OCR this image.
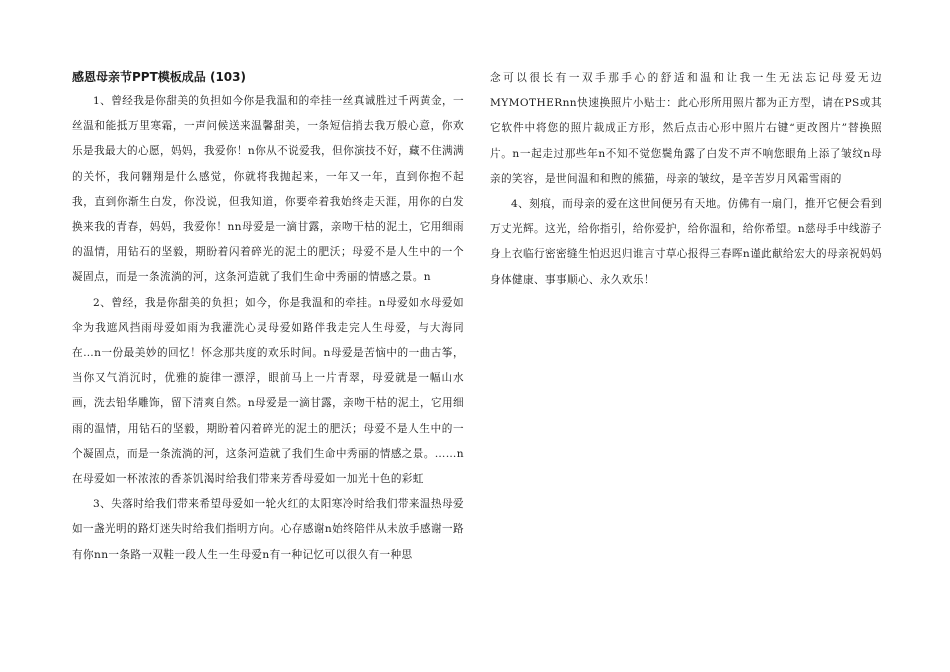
感恩母亲节PPT模板成品 (103)

1、曾经我是你甜美的负担如今你是我温和的牵挂一丝真诚胜过千两黄金，一丝温和能抵万里寒霜，一声问候送来温馨甜美，一条短信捎去我万般心意，你欢乐是我最大的心愿，妈妈，我爱你！n你从不说爱我，但你演技不好，藏不住满满的关怀，我问翱翔是什么感觉，你就将我抛起来，一年又一年，直到你抱不起我，直到你渐生白发，你没说，但我知道，你要牵着我始终走天涯，用你的白发换来我的青春，妈妈，我爱你！nn母爱是一滴甘露，亲吻干枯的泥土，它用细雨的温情，用钻石的坚毅，期盼着闪着碎光的泥土的肥沃；母爱不是人生中的一个凝固点，而是一条流淌的河，这条河造就了我们生命中秀丽的情感之景。n

2、曾经，我是你甜美的负担；如今，你是我温和的牵挂。n母爱如水母爱如伞为我遮风挡雨母爱如雨为我灌洗心灵母爱如路伴我走完人生母爱，与大海同在…n一份最美妙的回忆！怀念那共度的欢乐时间。n母爱是苦恼中的一曲古筝，当你又气消沉时，优雅的旋律一漂浮，眼前马上一片青翠，母爱就是一幅山水画，洗去铅华雕饰，留下清爽自然。n母爱是一滴甘露，亲吻干枯的泥土，它用细雨的温情，用钻石的坚毅，期盼着闪着碎光的泥土的肥沃；母爱不是人生中的一个凝固点，而是一条流淌的河，这条河造就了我们生命中秀丽的情感之景。……n在母爱如一杯浓浓的香茶饥渴时给我们带来芳香母爱如一加光十色的彩虹

3、失落时给我们带来希望母爱如一轮火红的太阳寒冷时给我们带来温热母爱如一盏光明的路灯迷失时给我们指明方向。心存感谢n始终陪伴从未放手感谢一路有你nn一条路一双鞋一段人生一生母爱n有一种记忆可以很久有一种思

念可以很长有一双手那手心的舒适和温和让我一生无法忘记母爱无边MYMOTHERnn快速换照片小贴士：此心形所用照片都为正方型，请在PS或其它软件中将您的照片裁成正方形，然后点击心形中照片右键“更改图片”替换照片。n一起走过那些年n不知不觉您鬓角露了白发不声不响您眼角上添了皱纹n母亲的笑容，是世间温和和煦的熊猫，母亲的皱纹，是辛苦岁月风霜雪雨的

4、刻痕，而母亲的爱在这世间便另有天地。仿佛有一扇门，推开它便会看到万丈光辉。这光，给你指引，给你爱护，给你温和，给你希望。n慈母手中线游子身上衣临行密密缝生怕迟迟归谁言寸草心报得三春晖n谨此献给宏大的母亲祝妈妈身体健康、事事顺心、永久欢乐！
